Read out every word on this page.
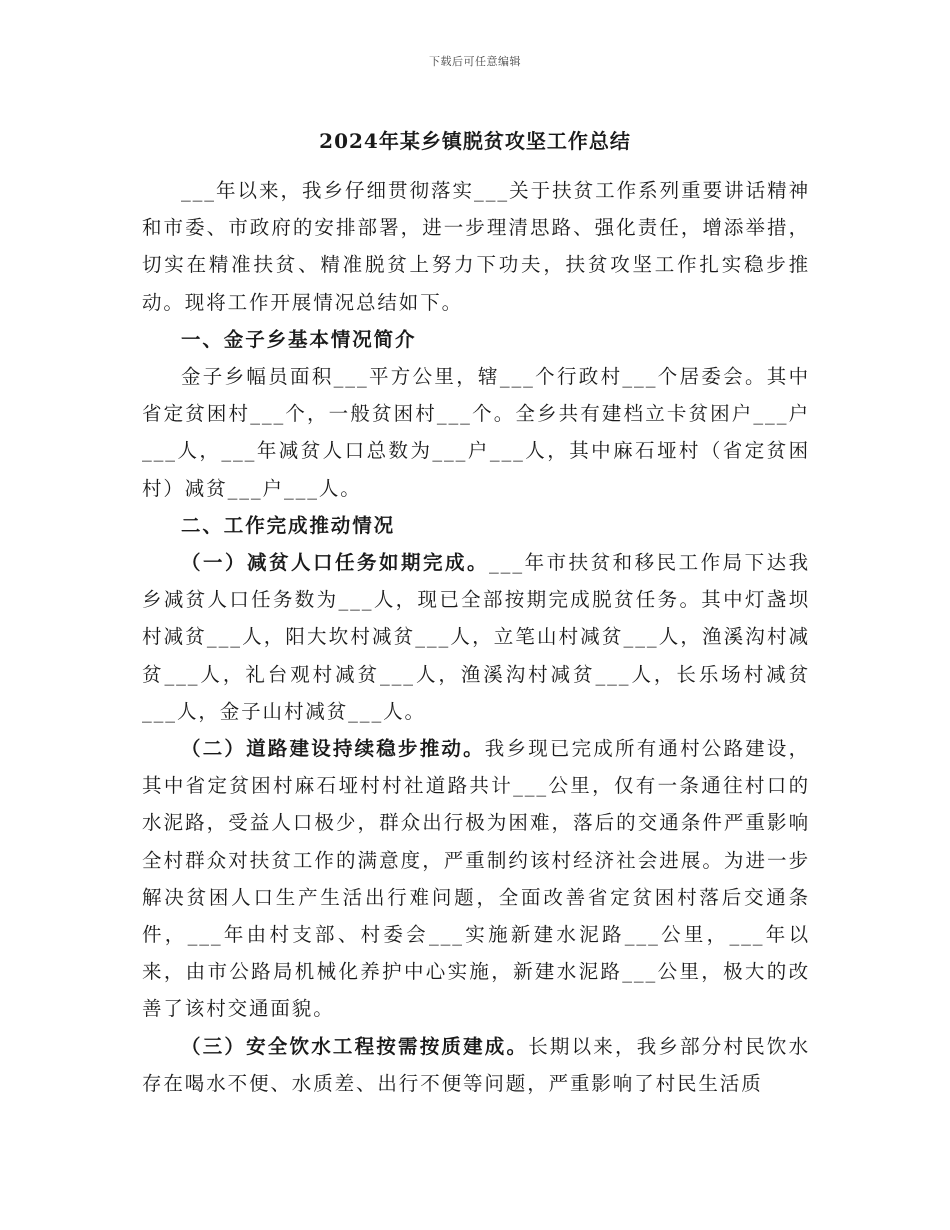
下载后可任意编辑
2024年某乡镇脱贫攻坚工作总结

___年以来，我乡仔细贯彻落实___关于扶贫工作系列重要讲话精神和市委、市政府的安排部署，进一步理清思路、强化责任，增添举措，切实在精准扶贫、精准脱贫上努力下功夫，扶贫攻坚工作扎实稳步推动。现将工作开展情况总结如下。

一、金子乡基本情况简介

金子乡幅员面积___平方公里，辖___个行政村___个居委会。其中省定贫困村___个，一般贫困村___个。全乡共有建档立卡贫困户___户___人，___年减贫人口总数为___户___人，其中麻石垭村（省定贫困村）减贫___户___人。

二、工作完成推动情况

（一）减贫人口任务如期完成。___年市扶贫和移民工作局下达我乡减贫人口任务数为___人，现已全部按期完成脱贫任务。其中灯盏坝村减贫___人，阳大坎村减贫___人，立笔山村减贫___人，渔溪沟村减贫___人，礼台观村减贫___人，渔溪沟村减贫___人，长乐场村减贫___人，金子山村减贫___人。

（二）道路建设持续稳步推动。我乡现已完成所有通村公路建设，其中省定贫困村麻石垭村村社道路共计___公里，仅有一条通往村口的水泥路，受益人口极少，群众出行极为困难，落后的交通条件严重影响全村群众对扶贫工作的满意度，严重制约该村经济社会进展。为进一步解决贫困人口生产生活出行难问题，全面改善省定贫困村落后交通条件，___年由村支部、村委会___实施新建水泥路___公里，___年以来，由市公路局机械化养护中心实施，新建水泥路___公里，极大的改善了该村交通面貌。

（三）安全饮水工程按需按质建成。长期以来，我乡部分村民饮水存在喝水不便、水质差、出行不便等问题，严重影响了村民生活质
